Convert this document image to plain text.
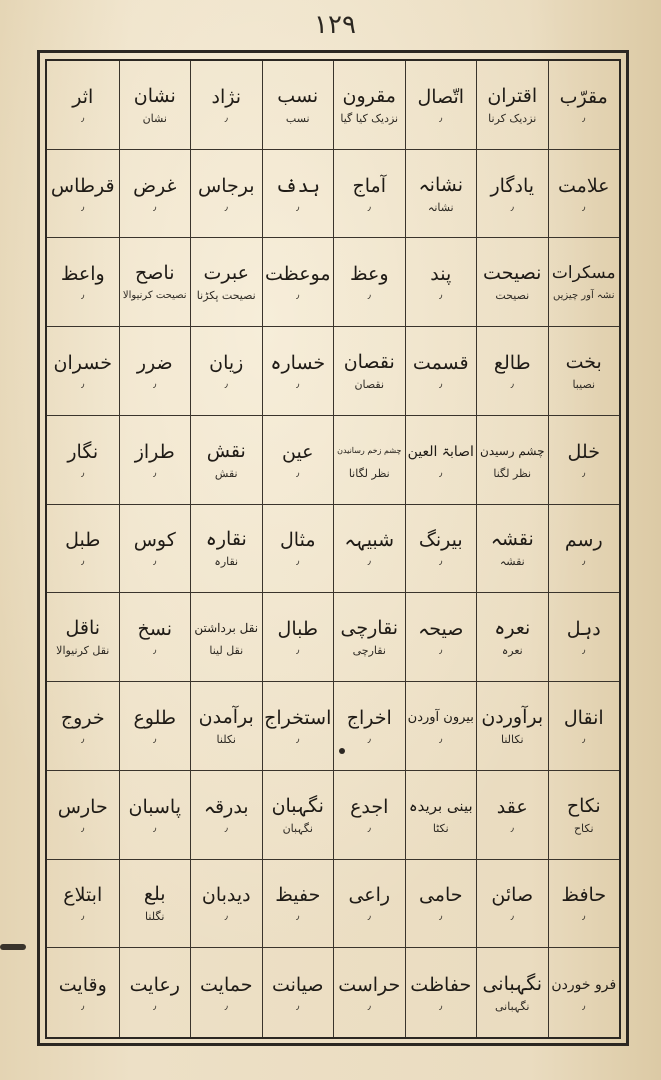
۱۲۹
مقرّب
٫
اقتران
نزدیک کرنا
اتّصال
٫
مقرون
نزدیک کیا گیا
نسب
نسب
نژاد
٫
نشان
نشان
اثر
٫
علامت
٫
یادگار
٫
نشانہ
نشانہ
آماج
٫
ہدف
٫
برجاس
٫
غرض
٫
قرطاس
٫
مسکرات
نشہ آور چیزیں
نصیحت
نصیحت
پند
٫
وعظ
٫
موعظت
٫
عبرت
نصیحت پکڑنا
ناصح
نصیحت کرنیوالا
واعظ
٫
بخت
نصیبا
طالع
٫
قسمت
٫
نقصان
نقصان
خسارہ
٫
زیان
٫
ضرر
٫
خسران
٫
خلل
٫
چشم رسیدن
نظر لگنا
اصابۃ العین
٫
چشم زخم رسانیدن
نظر لگانا
عین
٫
نقش
نقش
طراز
٫
نگار
٫
رسم
٫
نقشہ
نقشہ
بیرنگ
٫
شبیہہ
٫
مثال
٫
نقارہ
نقارہ
کوس
٫
طبل
٫
دہل
٫
نعرہ
نعرہ
صیحہ
٫
نقارچی
نقارچی
طبال
٫
نقل برداشتن
نقل لینا
نسخ
٫
ناقل
نقل کرنیوالا
انقال
٫
برآوردن
نکالنا
بیرون آوردن
٫
اخراج
٫
استخراج
٫
برآمدن
نکلنا
طلوع
٫
خروج
٫
نکاح
نکاح
عقد
٫
بینی بریدہ
نکٹا
اجدع
٫
نگہبان
نگہبان
بدرقہ
٫
پاسبان
٫
حارس
٫
حافظ
٫
صائن
٫
حامی
٫
راعی
٫
حفیظ
٫
دیدبان
٫
بلع
نگلنا
ابتلاع
٫
فرو خوردن
٫
نگہبانی
نگہبانی
حفاظت
٫
حراست
٫
صیانت
٫
حمایت
٫
رعایت
٫
وقایت
٫
